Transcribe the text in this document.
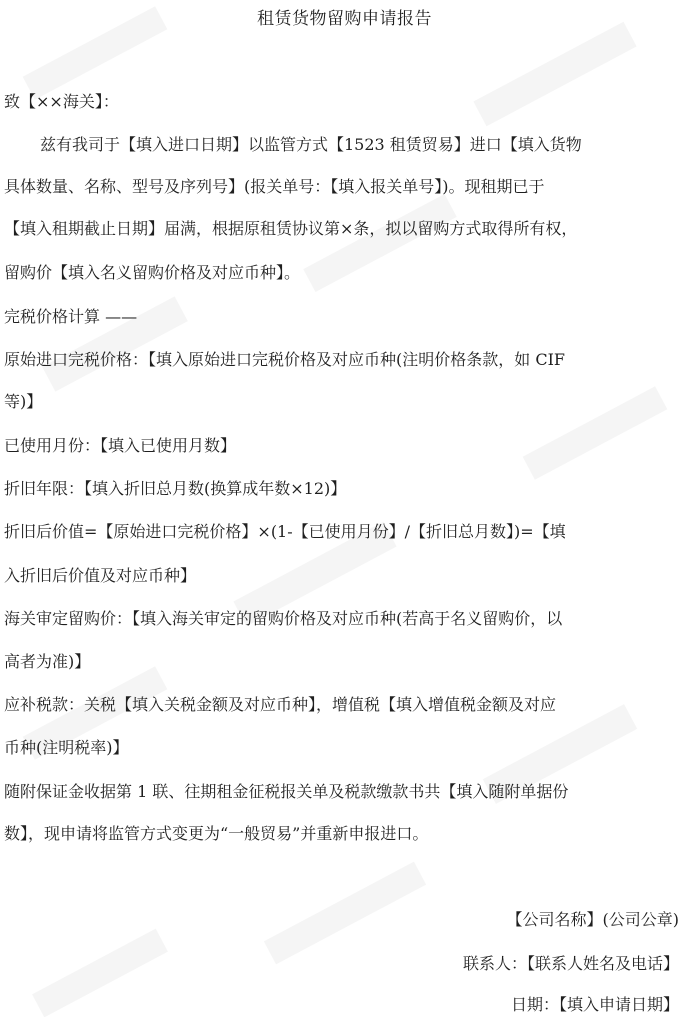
租赁货物留购申请报告
致【××海关】：
兹有我司于【填入进口日期】以监管方式【1523 租赁贸易】进口【填入货物
具体数量、名称、型号及序列号】(报关单号：【填入报关单号】)。现租期已于
【填入租期截止日期】届满，根据原租赁协议第×条，拟以留购方式取得所有权，
留购价【填入名义留购价格及对应币种】。
完税价格计算 ——
原始进口完税价格：【填入原始进口完税价格及对应币种(注明价格条款，如 CIF
等)】
已使用月份：【填入已使用月数】
折旧年限：【填入折旧总月数(换算成年数×12)】
折旧后价值=【原始进口完税价格】×(1-【已使用月份】/【折旧总月数】)=【填
入折旧后价值及对应币种】
海关审定留购价：【填入海关审定的留购价格及对应币种(若高于名义留购价，以
高者为准)】
应补税款：关税【填入关税金额及对应币种】，增值税【填入增值税金额及对应
币种(注明税率)】
随附保证金收据第 1 联、往期租金征税报关单及税款缴款书共【填入随附单据份
数】，现申请将监管方式变更为“一般贸易”并重新申报进口。
【公司名称】(公司公章)
联系人：【联系人姓名及电话】
日期：【填入申请日期】
